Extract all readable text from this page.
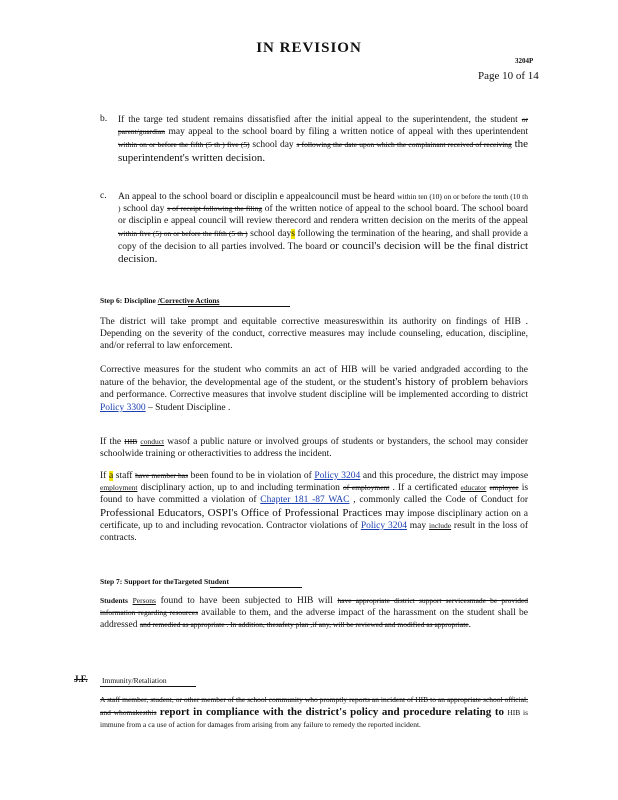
IN REVISION
3204P
Page 10 of 14
b. If the targe ted student remains dissatisfied after the initial appeal to the superintendent, the student or parent/guardian may appeal to the school board by filing a written notice of appeal with thes uperintendent within on or before the fifth (5 th ) five (5) school day s following the date upon which the complainant received of receiving the superintendent's written decision.
c. An appeal to the school board or disciplin e appealcouncil must be heard within ten (10) on or before the tenth (10 th ) school day s of receipt following the filing of the written notice of appeal to the school board. The school board or disciplin e appeal council will review therecord and rendera written decision on the merits of the appeal within five (5) on or before the fifth (5 th ) school days following the termination of the hearing, and shall provide a copy of the decision to all parties involved. The board or council's decision will be the final district decision.
Step 6: Discipline /Corrective Actions
The district will take prompt and equitable corrective measureswithin its authority on findings of HIB . Depending on the severity of the conduct, corrective measures may include counseling, education, discipline, and/or referral to law enforcement.
Corrective measures for the student who commits an act of HIB will be varied andgraded according to the nature of the behavior, the developmental age of the student, or the student's history of problem behaviors and performance. Corrective measures that involve student discipline will be implemented according to district Policy 3300 – Student Discipline .
If the HIB conduct wasof a public nature or involved groups of students or bystanders, the school may consider schoolwide training or otheractivities to address the incident.
If a staff have member has been found to be in violation of Policy 3204 and this procedure, the district may impose employment disciplinary action, up to and including termination of employment . If a certificated educator employee is found to have committed a violation of Chapter 181 -87 WAC , commonly called the Code of Conduct for Professional Educators, OSPI's Office of Professional Practices may impose disciplinary action on a certificate, up to and including revocation. Contractor violations of Policy 3204 may include result in the loss of contracts.
Step 7: Support for theTargeted Student
Students Persons found to have been subjected to HIB will have appropriate district support servicesmade be provided information regarding resources available to them, and the adverse impact of the harassment on the student shall be addressed and remedied as appropriate . In addition, thesafety plan ,if any, will be reviewed and modified as appropriate.
J.F. Immunity/Retaliation
A staff member, student, or other member of the school community who promptly reports an incident of HIB to an appropriate school official, and whomakesthis report in compliance with the district's policy and procedure relating to HIB is immune from a ca use of action for damages from arising from any failure to remedy the reported incident.
